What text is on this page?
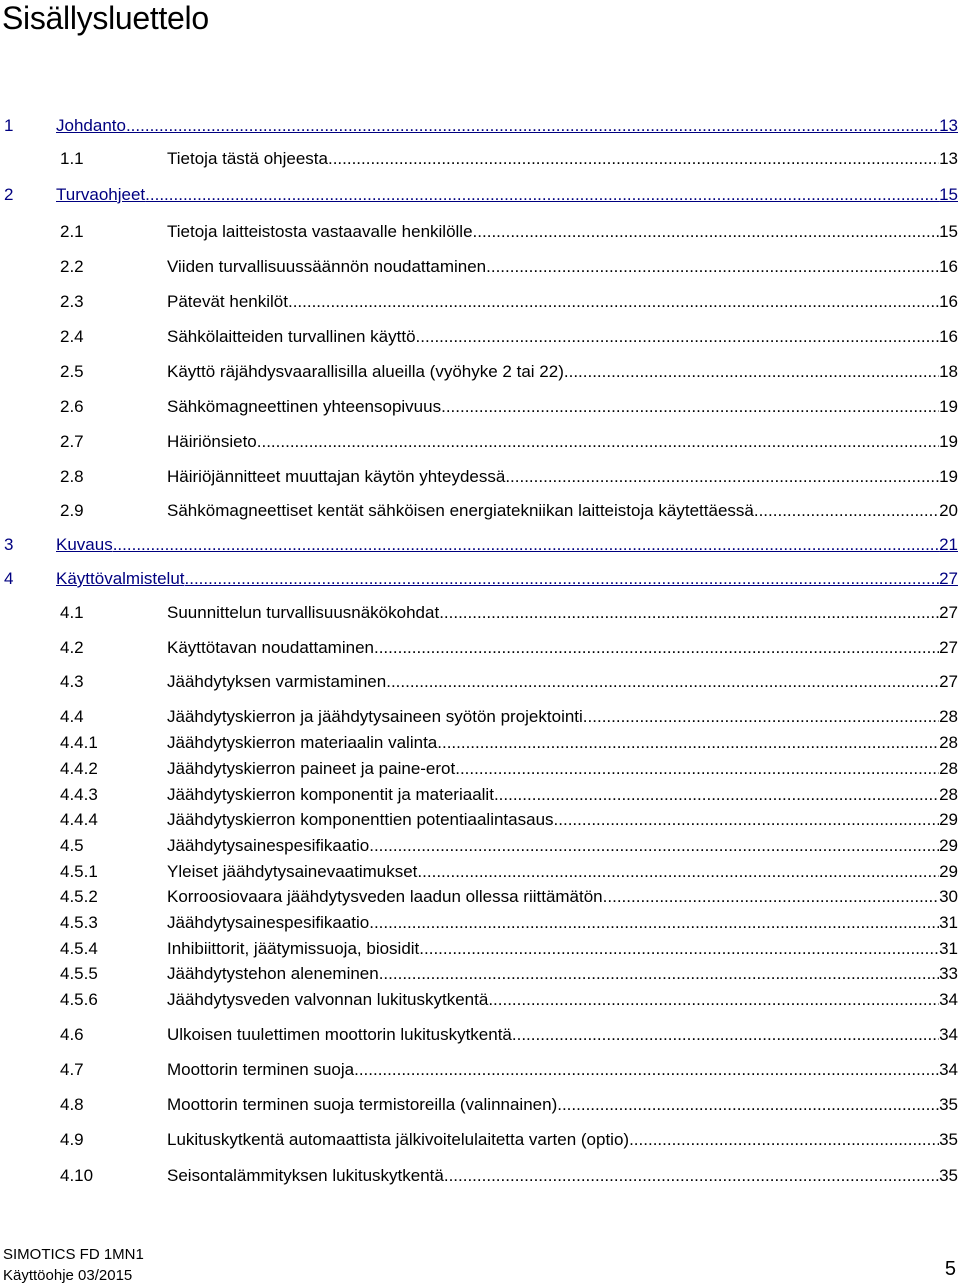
Sisällysluettelo
1	Johdanto .....	13
1.1	Tietoja tästä ohjeesta .....	13
2	Turvaohjeet .....	15
2.1	Tietoja laitteistosta vastaavalle henkilölle .....	15
2.2	Viiden turvallisuussäännön noudattaminen .....	16
2.3	Pätevät henkilöt .....	16
2.4	Sähkölaitteiden turvallinen käyttö .....	16
2.5	Käyttö räjähdysvaarallisilla alueilla (vyöhyke 2 tai 22) .....	18
2.6	Sähkömagneettinen yhteensopivuus .....	19
2.7	Häiriönsieto .....	19
2.8	Häiriöjännitteet muuttajan käytön yhteydessä .....	19
2.9	Sähkömagneettiset kentät sähköisen energiatekniikan laitteistoja käytettäessä .....	20
3	Kuvaus .....	21
4	Käyttövalmistelut .....	27
4.1	Suunnittelun turvallisuusnäkökohdat .....	27
4.2	Käyttötavan noudattaminen .....	27
4.3	Jäähdytyksen varmistaminen .....	27
4.4	Jäähdytyskierron ja jäähdytysaineen syötön projektointi .....	28
4.4.1	Jäähdytyskierron materiaalin valinta .....	28
4.4.2	Jäähdytyskierron paineet ja paine-erot .....	28
4.4.3	Jäähdytyskierron komponentit ja materiaalit .....	28
4.4.4	Jäähdytyskierron komponenttien potentiaalintasaus .....	29
4.5	Jäähdytysainespesifikaatio .....	29
4.5.1	Yleiset jäähdytysainevaatimukset .....	29
4.5.2	Korroosiovaara jäähdytysveden laadun ollessa riittämätön .....	30
4.5.3	Jäähdytysainespesifikaatio .....	31
4.5.4	Inhibiittorit, jäätymissuoja, biosidit .....	31
4.5.5	Jäähdytystehon aleneminen .....	33
4.5.6	Jäähdytysveden valvonnan lukituskytkentä .....	34
4.6	Ulkoisen tuulettimen moottorin lukituskytkentä .....	34
4.7	Moottorin terminen suoja .....	34
4.8	Moottorin terminen suoja termistoreilla (valinnainen) .....	35
4.9	Lukituskytkentä automaattista jälkivoitelulaitetta varten (optio) .....	35
4.10	Seisontalämmityksen lukituskytkentä .....	35
SIMOTICS FD 1MN1
Käyttöohje 03/2015	5
